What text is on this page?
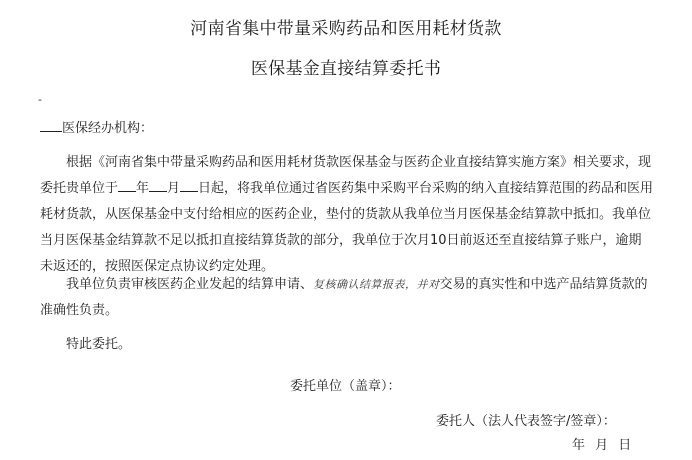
河南省集中带量采购药品和医用耗材货款
医保基金直接结算委托书
-
医保经办机构：
根据《河南省集中带量采购药品和医用耗材货款医保基金与医药企业直接结算实施方案》相关要求，现委托贵单位于 年 月 日起，将我单位通过省医药集中采购平台采购的纳入直接结算范围的药品和医用耗材货款，从医保基金中支付给相应的医药企业，垫付的货款从我单位当月医保基金结算款中抵扣。我单位当月医保基金结算款不足以抵扣直接结算货款的部分，我单位于次月10日前返还至直接结算子账户，逾期未返还的，按照医保定点协议约定处理。
我单位负责审核医药企业发起的结算申请、复核确认结算报表，并对交易的真实性和中选产品结算货款的准确性负责。
特此委托。
委托单位（盖章）：
委托人（法人代表签字/签章）：
年 月 日
